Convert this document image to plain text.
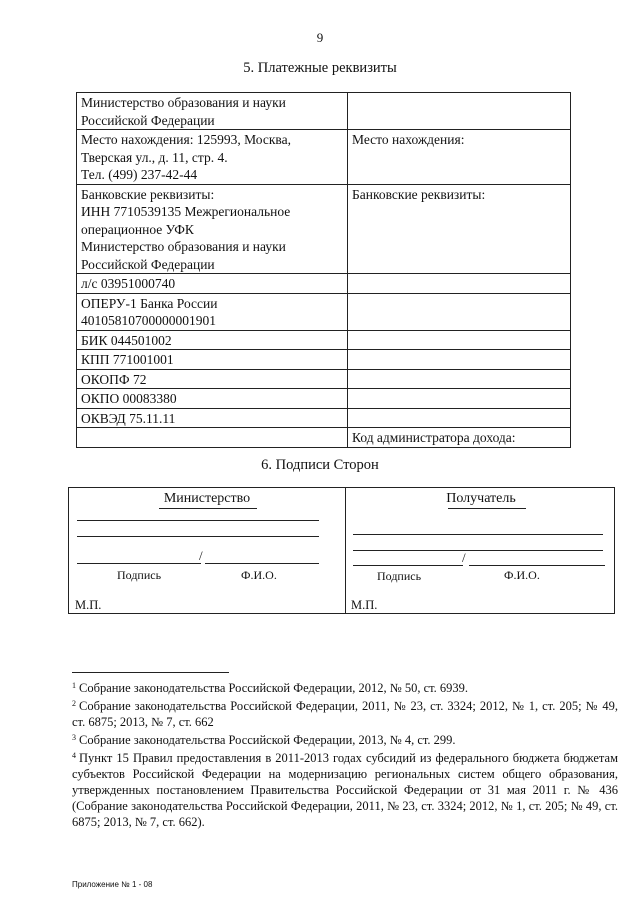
9
5. Платежные реквизиты
Министерство образования и науки
Российской Федерации	

Место нахождения: 125993, Москва,
Тверская ул., д. 11, стр. 4.
Тел. (499) 237-42-44	Место нахождения:

Банковские реквизиты:
ИНН 7710539135 Межрегиональное
операционное УФК
Министерство образования и науки
Российской Федерации	Банковские реквизиты:

л/с 03951000740	

ОПЕРУ-1 Банка России
40105810700000001901	

БИК 044501002	

КПП 771001001	

ОКОПФ 72	

ОКПО 00083380	

ОКВЭД 75.11.11	

	Код администратора дохода:
6. Подписи Сторон
Министерство
/
Подпись	Ф.И.О.
М.П.
Получатель
/
Подпись	Ф.И.О.
М.П.

$^1$ Собрание законодательства Российской Федерации, 2012, № 50, ст. 6939.

$^2$ Собрание законодательства Российской Федерации, 2011, № 23, ст. 3324; 2012, № 1, ст. 205; № 49, ст. 6875; 2013, № 7, ст. 662

$^3$ Собрание законодательства Российской Федерации, 2013, № 4, ст. 299.

$^4$ Пункт 15 Правил предоставления в 2011-2013 годах субсидий из федерального бюджета бюджетам субъектов Российской Федерации на модернизацию региональных систем общего образования, утвержденных постановлением Правительства Российской Федерации от 31 мая 2011 г. № 436 (Собрание законодательства Российской Федерации, 2011, № 23, ст. 3324; 2012, № 1, ст. 205; № 49, ст. 6875; 2013, № 7, ст. 662).

Приложение № 1 - 08
